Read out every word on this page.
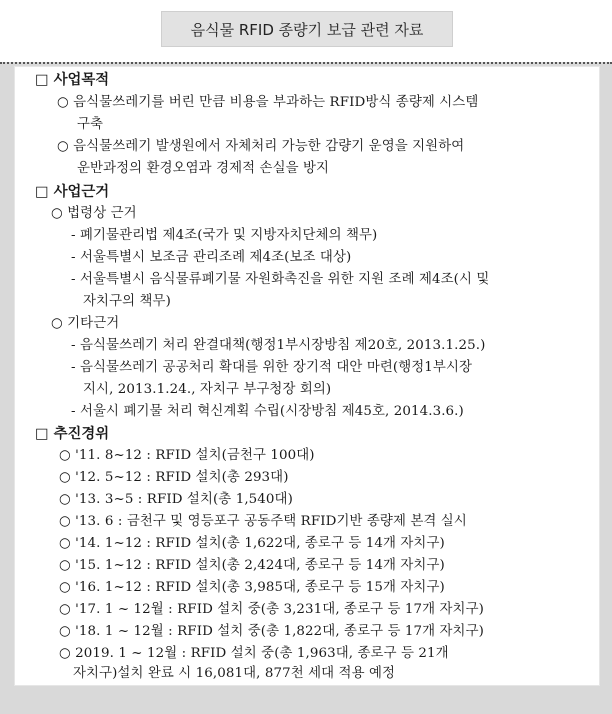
음식물 RFID 종량기 보급 관련 자료
□ 사업목적
○ 음식물쓰레기를 버린 만큼 비용을 부과하는 RFID방식 종량제 시스템
구축
○ 음식물쓰레기 발생원에서 자체처리 가능한 감량기 운영을 지원하여
운반과정의 환경오염과 경제적 손실을 방지
□ 사업근거
○ 법령상 근거
- 폐기물관리법 제4조(국가 및 지방자치단체의 책무)
- 서울특별시 보조금 관리조례 제4조(보조 대상)
- 서울특별시 음식물류폐기물 자원화촉진을 위한 지원 조례 제4조(시 및
자치구의 책무)
○ 기타근거
- 음식물쓰레기 처리 완결대책(행정1부시장방침 제20호, 2013.1.25.)
- 음식물쓰레기 공공처리 확대를 위한 장기적 대안 마련(행정1부시장
지시, 2013.1.24., 자치구 부구청장 회의)
- 서울시 폐기물 처리 혁신계획 수립(시장방침 제45호, 2014.3.6.)
□ 추진경위
○ '11. 8~12 : RFID 설치(금천구 100대)
○ '12. 5~12 : RFID 설치(총 293대)
○ '13. 3~5 : RFID 설치(총 1,540대)
○ '13. 6 : 금천구 및 영등포구 공동주택 RFID기반 종량제 본격 실시
○ '14. 1~12 : RFID 설치(총 1,622대, 종로구 등 14개 자치구)
○ '15. 1~12 : RFID 설치(총 2,424대, 종로구 등 14개 자치구)
○ '16. 1~12 : RFID 설치(총 3,985대, 종로구 등 15개 자치구)
○ '17. 1 ~ 12월 : RFID 설치 중(총 3,231대, 종로구 등 17개 자치구)
○ '18. 1 ~ 12월 : RFID 설치 중(총 1,822대, 종로구 등 17개 자치구)
○ 2019. 1 ~ 12월 : RFID 설치 중(총 1,963대, 종로구 등 21개
자치구)설치 완료 시 16,081대, 877천 세대 적용 예정
